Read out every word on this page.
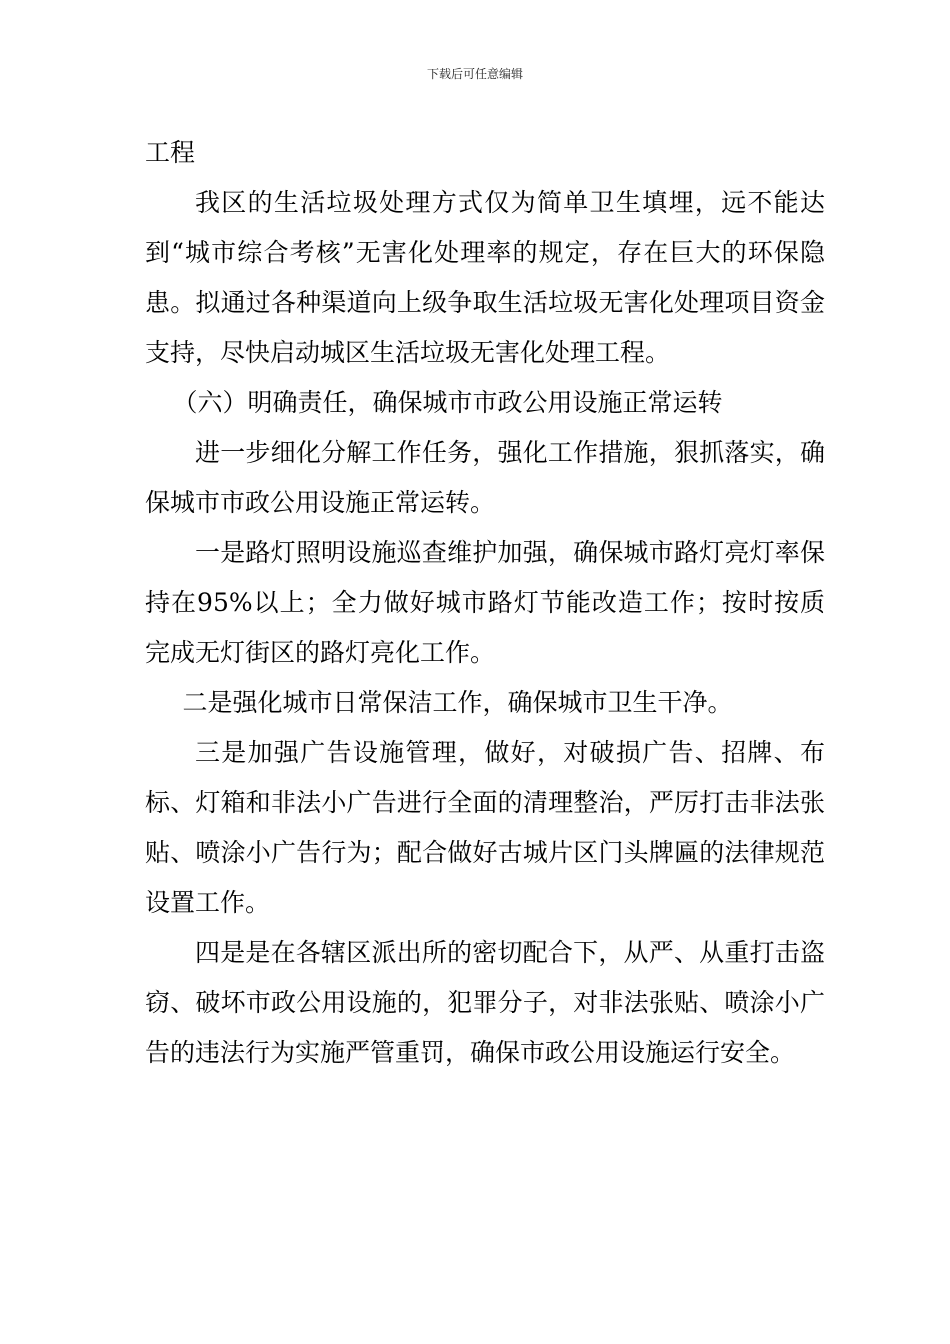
下载后可任意编辑

工程

我区的生活垃圾处理方式仅为简单卫生填埋，远不能达到“城市综合考核”无害化处理率的规定，存在巨大的环保隐患。拟通过各种渠道向上级争取生活垃圾无害化处理项目资金支持，尽快启动城区生活垃圾无害化处理工程。

（六）明确责任，确保城市市政公用设施正常运转

进一步细化分解工作任务，强化工作措施，狠抓落实，确保城市市政公用设施正常运转。

一是路灯照明设施巡查维护加强，确保城市路灯亮灯率保持在95%以上；全力做好城市路灯节能改造工作；按时按质完成无灯街区的路灯亮化工作。

二是强化城市日常保洁工作，确保城市卫生干净。

三是加强广告设施管理，做好，对破损广告、招牌、布标、灯箱和非法小广告进行全面的清理整治，严厉打击非法张贴、喷涂小广告行为；配合做好古城片区门头牌匾的法律规范设置工作。

四是是在各辖区派出所的密切配合下，从严、从重打击盗窃、破坏市政公用设施的，犯罪分子，对非法张贴、喷涂小广告的违法行为实施严管重罚，确保市政公用设施运行安全。
